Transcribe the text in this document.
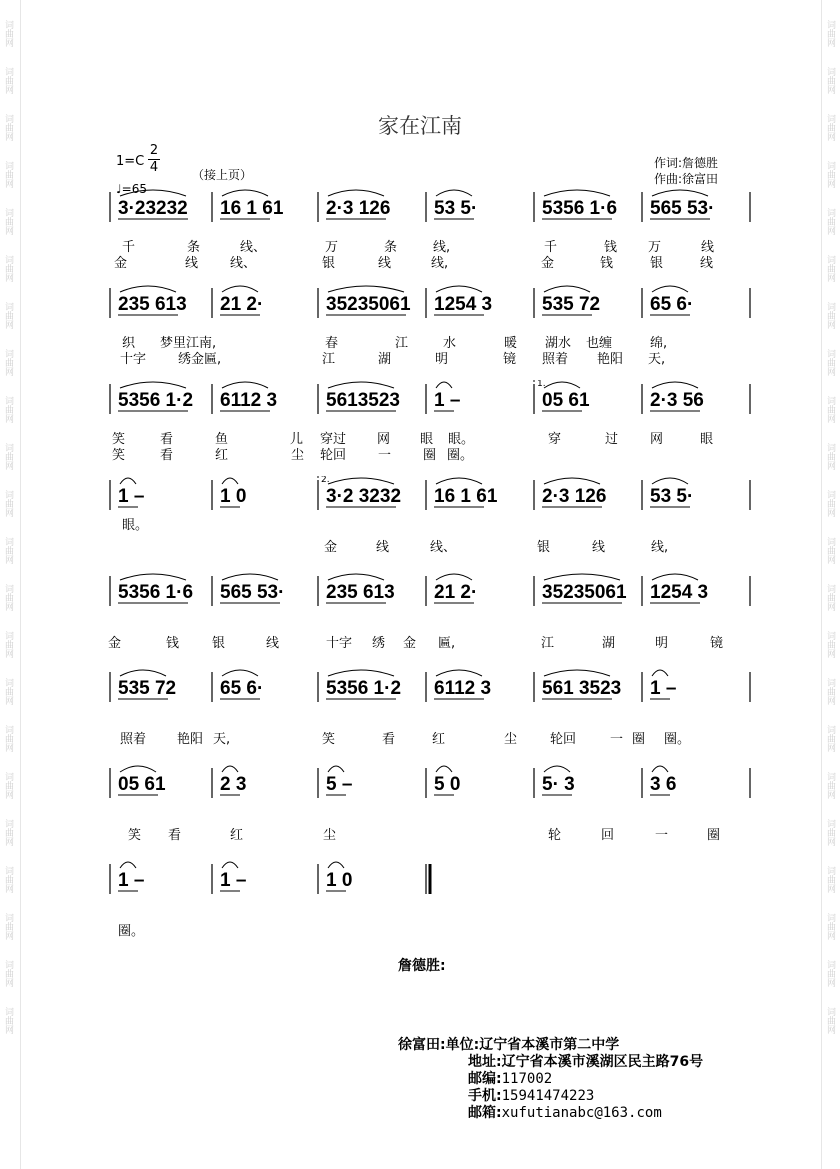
词曲网
词曲网
词曲网
词曲网
词曲网
词曲网
词曲网
词曲网
词曲网
词曲网
词曲网
词曲网
词曲网
词曲网
词曲网
词曲网
词曲网
词曲网
词曲网
词曲网
词曲网
词曲网
词曲网
词曲网
词曲网
词曲网
词曲网
词曲网
词曲网
词曲网
词曲网
词曲网
词曲网
词曲网
词曲网
词曲网
词曲网
词曲网
词曲网
词曲网
词曲网
词曲网
词曲网
词曲网
家在江南
$1=C \frac{2}{4}$	（接上页）
♩=65
作词:詹德胜
作曲:徐富田
3·23232 16 1 61 2·3 126 53 5·	5356 1·6 565 53·
千	条	线、	万	条	线,	千	钱 万	线
金	线 线、	银	线	线,	金	钱	银	线
235 613 21 2·	35235061 1254 3	535 72	65 6·
织 梦里江南,	春	江	水	暖 湖水 也缠	绵,
十字 绣金匾,	江	湖	明	镜 照着 艳阳 天,
1.
5356 1·2 6112 3	5613523 1 –	05 61	2·3 56
笑	看	鱼	儿 穿过 网 眼 眼。	穿	过 网	眼
笑	看	红	尘 轮回 一 圈 圈。
2.
1 –	1 0	3·2 3232 16 1 61 2·3 126 53 5·
眼。
金	线	线、	银	线	线,
5356 1·6 565 53· 235 613 21 2·	35235061 1254 3
金	钱	银	线	十字 绣 金 匾,	江	湖	明	镜
535 72 65 6·	5356 1·2 6112 3	561 3523 1 –
照着 艳阳 天,	笑	看	红	尘	轮回	一 圈 圈。
05 61	2 3	5 –	5 0	5· 3	3 6
笑 看	红	尘	轮	回	一	圈
1 –	1 –	1 0
圈。
詹德胜:
徐富田:单位:辽宁省本溪市第二中学
地址:辽宁省本溪市溪湖区民主路76号
邮编:117002
手机:15941474223
邮箱:xufutianabc@163.com
